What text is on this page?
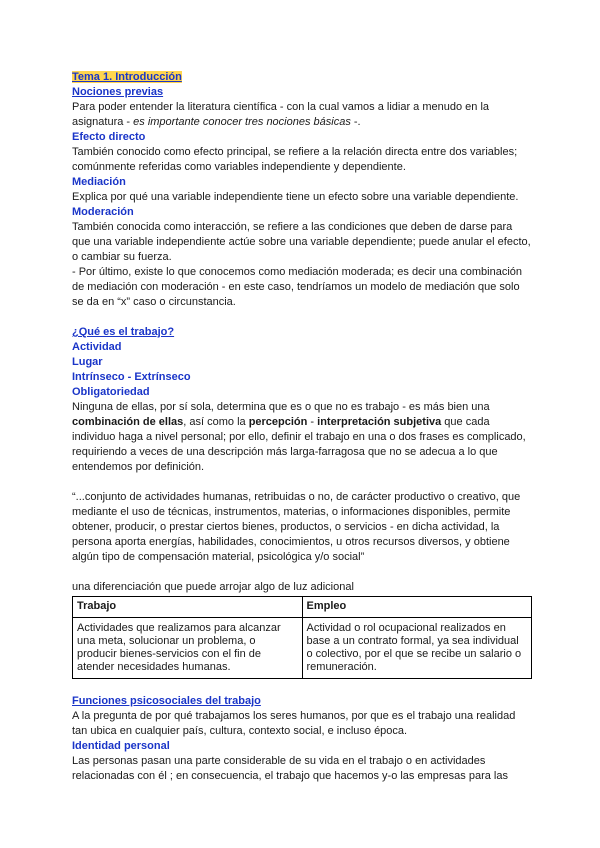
Tema 1. Introducción
Nociones previas

Para poder entender la literatura científica - con la cual vamos a lidiar a menudo en la asignatura - es importante conocer tres nociones básicas -.

Efecto directo

También conocido como efecto principal, se refiere a la relación directa entre dos variables; comúnmente referidas como variables independiente y dependiente.

Mediación

Explica por qué una variable independiente tiene un efecto sobre una variable dependiente.

Moderación

También conocida como interacción, se refiere a las condiciones que deben de darse para que una variable independiente actúe sobre una variable dependiente; puede anular el efecto, o cambiar su fuerza.

- Por último, existe lo que conocemos como mediación moderada; es decir una combinación de mediación con moderación - en este caso, tendríamos un modelo de mediación que solo se da en “x” caso o circunstancia.

¿Qué es el trabajo?
Actividad
Lugar
Intrínseco - Extrínseco
Obligatoriedad

Ninguna de ellas, por sí sola, determina que es o que no es trabajo - es más bien una combinación de ellas, así como la percepción - interpretación subjetiva que cada individuo haga a nivel personal; por ello, definir el trabajo en una o dos frases es complicado, requiriendo a veces de una descripción más larga-farragosa que no se adecua a lo que entendemos por definición.

“...conjunto de actividades humanas, retribuidas o no, de carácter productivo o creativo, que mediante el uso de técnicas, instrumentos, materias, o informaciones disponibles, permite obtener, producir, o prestar ciertos bienes, productos, o servicios - en dicha actividad, la persona aporta energías, habilidades, conocimientos, u otros recursos diversos, y obtiene algún tipo de compensación material, psicológica y/o social”

una diferenciación que puede arrojar algo de luz adicional

Trabajo	Empleo
Actividades que realizamos para alcanzar una meta, solucionar un problema, o producir bienes-servicios con el fin de atender necesidades humanas.	Actividad o rol ocupacional realizados en base a un contrato formal, ya sea individual o colectivo, por el que se recibe un salario o remuneración.
Funciones psicosociales del trabajo

A la pregunta de por qué trabajamos los seres humanos, por que es el trabajo una realidad tan ubica en cualquier país, cultura, contexto social, e incluso época.

Identidad personal

Las personas pasan una parte considerable de su vida en el trabajo o en actividades relacionadas con él ; en consecuencia, el trabajo que hacemos y-o las empresas para las
